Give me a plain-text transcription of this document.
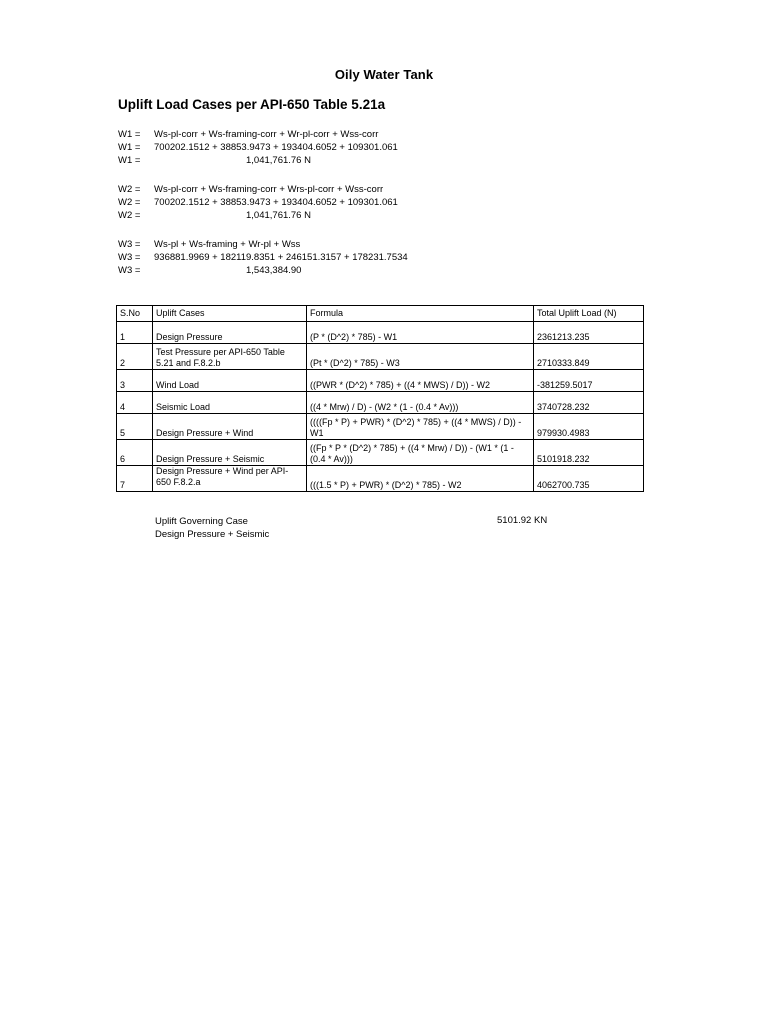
Oily Water Tank
Uplift Load Cases per API-650 Table 5.21a
W1 = Ws-pl-corr + Ws-framing-corr + Wr-pl-corr + Wss-corr
W1 = 700202.1512 + 38853.9473 + 193404.6052 + 109301.061
W1 =	1,041,761.76 N
W2 = Ws-pl-corr + Ws-framing-corr + Wrs-pl-corr + Wss-corr
W2 = 700202.1512 + 38853.9473 + 193404.6052 + 109301.061
W2 =	1,041,761.76 N
W3 = Ws-pl + Ws-framing + Wr-pl + Wss
W3 = 936881.9969 + 182119.8351 + 246151.3157 + 178231.7534
W3 =	1,543,384.90
S.No	Uplift Cases	Formula	Total Uplift Load (N)
1	Design Pressure	(P * (D^2) * 785) - W1	2361213.235
2	Test Pressure per API-650 Table 5.21 and F.8.2.b	(Pt * (D^2) * 785) - W3	2710333.849
3	Wind Load	((PWR * (D^2) * 785) + ((4 * MWS) / D)) - W2	-381259.5017
4	Seismic Load	((4 * Mrw) / D) - (W2 * (1 - (0.4 * Av)))	3740728.232
5	Design Pressure + Wind	((((Fp * P) + PWR) * (D^2) * 785) + ((4 * MWS) / D)) - W1	979930.4983
6	Design Pressure + Seismic	((Fp * P * (D^2) * 785) + ((4 * Mrw) / D)) - (W1 * (1 - (0.4 * Av)))	5101918.232
7	Design Pressure + Wind per API-650 F.8.2.a	(((1.5 * P) + PWR) * (D^2) * 785) - W2	4062700.735
Uplift Governing Case
Design Pressure + Seismic
5101.92 KN
